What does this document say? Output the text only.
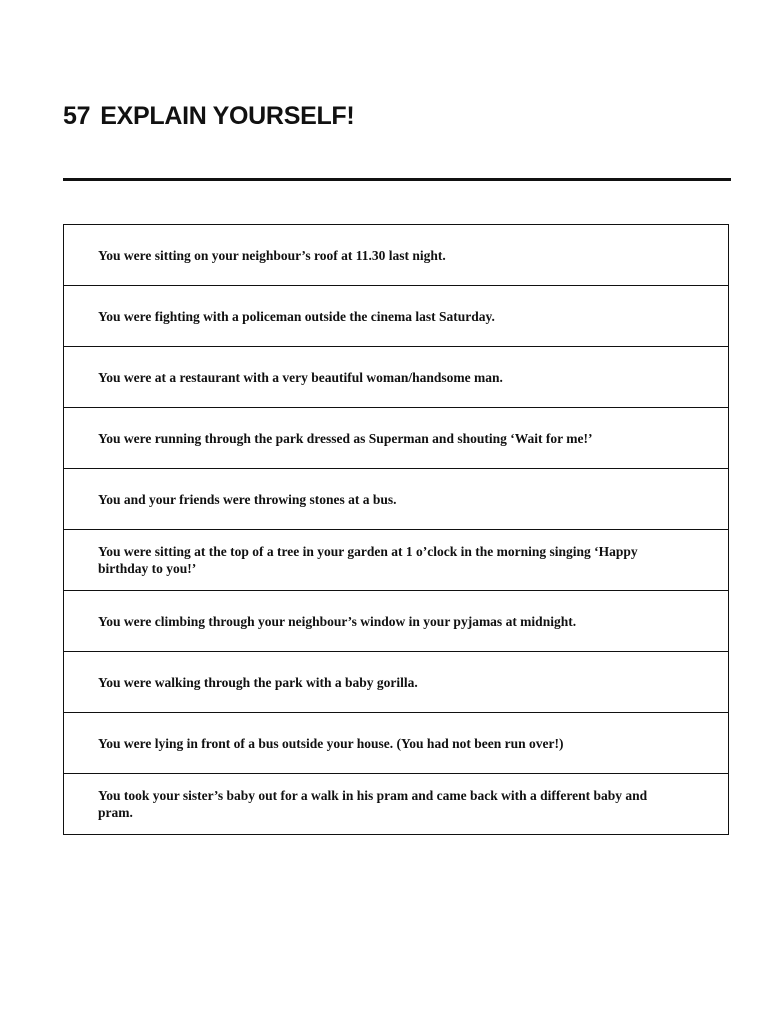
57 EXPLAIN YOURSELF!
You were sitting on your neighbour’s roof at 11.30 last night.
You were fighting with a policeman outside the cinema last Saturday.
You were at a restaurant with a very beautiful woman/handsome man.
You were running through the park dressed as Superman and shouting ‘Wait for me!’
You and your friends were throwing stones at a bus.
You were sitting at the top of a tree in your garden at 1 o’clock in the morning singing ‘Happy birthday to you!’
You were climbing through your neighbour’s window in your pyjamas at midnight.
You were walking through the park with a baby gorilla.
You were lying in front of a bus outside your house. (You had not been run over!)
You took your sister’s baby out for a walk in his pram and came back with a different baby and pram.
